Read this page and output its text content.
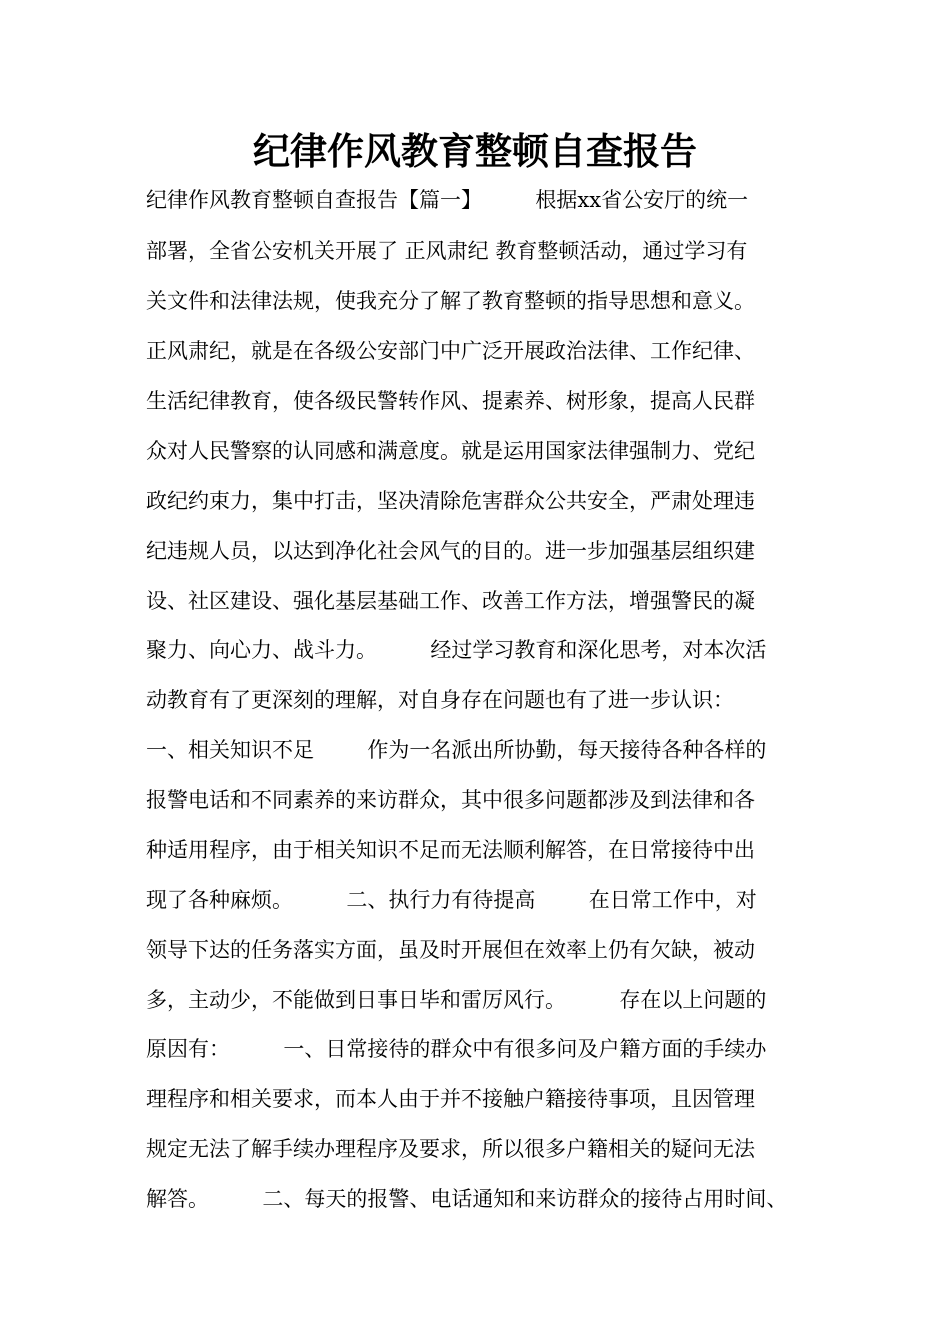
纪律作风教育整顿自查报告

纪律作风教育整顿自查报告【篇一】        根据xx省公安厅的统一

部署，全省公安机关开展了 正风肃纪 教育整顿活动，通过学习有

关文件和法律法规，使我充分了解了教育整顿的指导思想和意义。

正风肃纪，就是在各级公安部门中广泛开展政治法律、工作纪律、

生活纪律教育，使各级民警转作风、提素养、树形象，提高人民群

众对人民警察的认同感和满意度。就是运用国家法律强制力、党纪

政纪约束力，集中打击，坚决清除危害群众公共安全，严肃处理违

纪违规人员，以达到净化社会风气的目的。进一步加强基层组织建

设、社区建设、强化基层基础工作、改善工作方法，增强警民的凝

聚力、向心力、战斗力。        经过学习教育和深化思考，对本次活

动教育有了更深刻的理解，对自身存在问题也有了进一步认识：

一、相关知识不足        作为一名派出所协勤，每天接待各种各样的

报警电话和不同素养的来访群众，其中很多问题都涉及到法律和各

种适用程序，由于相关知识不足而无法顺利解答，在日常接待中出

现了各种麻烦。        二、执行力有待提高        在日常工作中，对

领导下达的任务落实方面，虽及时开展但在效率上仍有欠缺，被动

多，主动少，不能做到日事日毕和雷厉风行。        存在以上问题的

原因有：        一、日常接待的群众中有很多问及户籍方面的手续办

理程序和相关要求，而本人由于并不接触户籍接待事项，且因管理

规定无法了解手续办理程序及要求，所以很多户籍相关的疑问无法

解答。        二、每天的报警、电话通知和来访群众的接待占用时间、
